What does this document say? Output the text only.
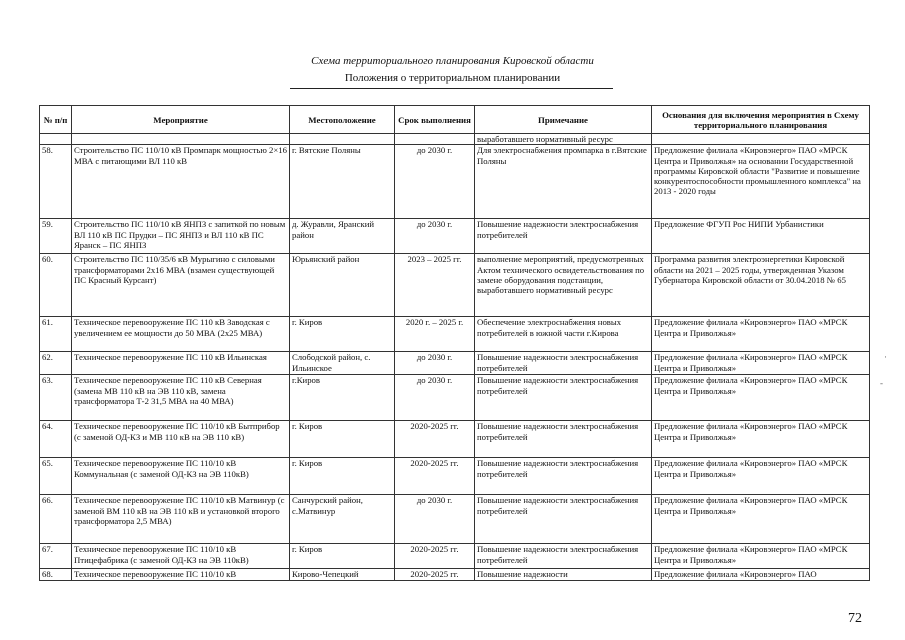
Схема территориального планирования Кировской области
Положения о территориальном планировании
№ п/п	Мероприятие	Местоположение	Срок выполнения	Примечание	Основания для включения мероприятия в Схему территориального планирования
				выработавшего нормативный ресурс	
58.	Строительство ПС 110/10 кВ Промпарк мощностью 2×16 МВА с питающими ВЛ 110 кВ	г. Вятские Поляны	до 2030 г.	Для электроснабжения промпарка в г.Вятские Поляны	Предложение филиала «Кировэнерго» ПАО «МРСК Центра и Приволжья» на основании Государственной программы Кировской области "Развитие и повышение конкурентоспособности промышленного комплекса" на 2013 - 2020 годы
59.	Строительство ПС 110/10 кВ ЯНПЗ с запиткой по новым ВЛ 110 кВ ПС Прудки – ПС ЯНПЗ и ВЛ 110 кВ ПС Яранск – ПС ЯНПЗ	д. Журавли, Яранский район	до 2030 г.	Повышение надежности электроснабжения потребителей	Предложение ФГУП Рос НИПИ Урбанистики
60.	Строительство ПС 110/35/6 кВ Мурыгино с силовыми трансформаторами 2х16 МВА (взамен существующей ПС Красный Курсант)	Юрьянский район	2023 – 2025 гг.	выполнение мероприятий, предусмотренных Актом технического освидетельствования по замене оборудования подстанции, выработавшего нормативный ресурс	Программа развития электроэнергетики Кировской области на 2021 – 2025 годы, утвержденная Указом Губернатора Кировской области от 30.04.2018 № 65
61.	Техническое перевооружение ПС 110 кВ Заводская с увеличением ее мощности до 50 МВА (2х25 МВА)	г. Киров	2020 г. – 2025 г.	Обеспечение электроснабжения новых потребителей в южной части г.Кирова	Предложение филиала «Кировэнерго» ПАО «МРСК Центра и Приволжья»
62.	Техническое перевооружение ПС 110 кВ Ильинская	Слободской район, с. Ильинское	до 2030 г.	Повышение надежности электроснабжения потребителей	Предложение филиала «Кировэнерго» ПАО «МРСК Центра и Приволжья»
63.	Техническое перевооружение ПС 110 кВ Северная (замена МВ 110 кВ на ЭВ 110 кВ, замена трансформатора Т-2 31,5 МВА на 40 МВА)	г.Киров	до 2030 г.	Повышение надежности электроснабжения потребителей	Предложение филиала «Кировэнерго» ПАО «МРСК Центра и Приволжья»
64.	Техническое перевооружение ПС 110/10 кВ Бытприбор (с заменой ОД-КЗ и МВ 110 кВ на ЭВ 110 кВ)	г. Киров	2020-2025 гг.	Повышение надежности электроснабжения потребителей	Предложение филиала «Кировэнерго» ПАО «МРСК Центра и Приволжья»
65.	Техническое перевооружение ПС 110/10 кВ Коммунальная (с заменой ОД-КЗ на ЭВ 110кВ)	г. Киров	2020-2025 гг.	Повышение надежности электроснабжения потребителей	Предложение филиала «Кировэнерго» ПАО «МРСК Центра и Приволжья»
66.	Техническое перевооружение ПС 110/10 кВ Матвинур (с заменой ВМ 110 кВ на ЭВ 110 кВ и установкой второго трансформатора 2,5 МВА)	Санчурский район, с.Матвинур	до 2030 г.	Повышение надежности электроснабжения потребителей	Предложение филиала «Кировэнерго» ПАО «МРСК Центра и Приволжья»
67.	Техническое перевооружение ПС 110/10 кВ Птицефабрика (с заменой ОД-КЗ на ЭВ 110кВ)	г. Киров	2020-2025 гг.	Повышение надежности электроснабжения потребителей	Предложение филиала «Кировэнерго» ПАО «МРСК Центра и Приволжья»
68.	Техническое перевооружение ПС 110/10 кВ	Кирово-Чепецкий	2020-2025 гг.	Повышение надежности	Предложение филиала «Кировэнерго» ПАО
72
·
-
